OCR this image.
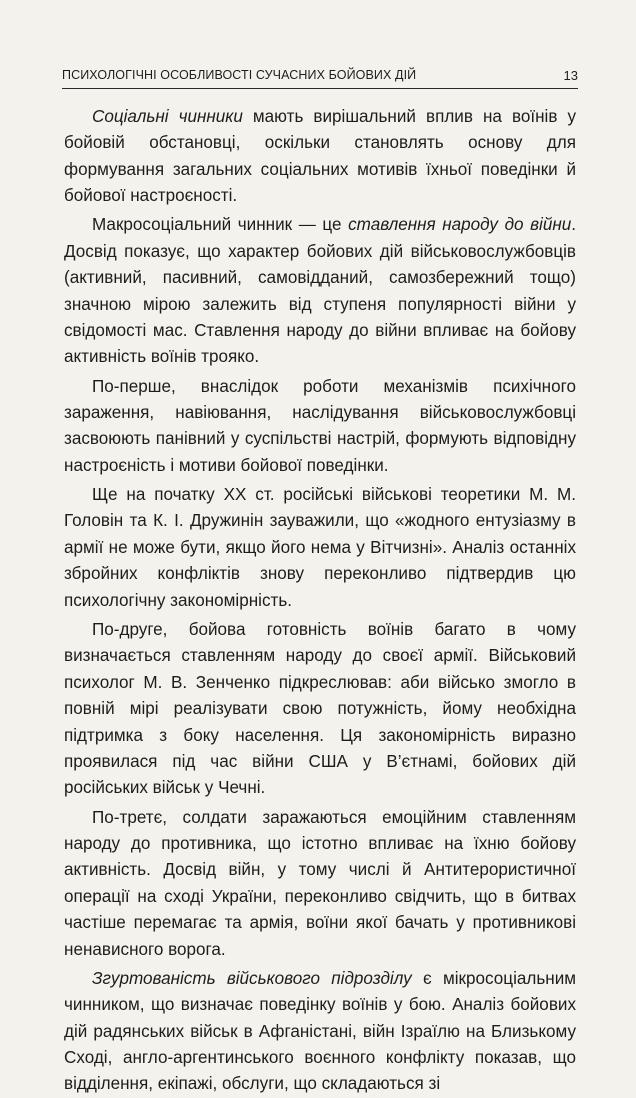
ПСИХОЛОГІЧНІ ОСОБЛИВОСТІ СУЧАСНИХ БОЙОВИХ ДІЙ	13

Соціальні чинники мають вирішальний вплив на воїнів у бойовій обстановці, оскільки становлять основу для формування загальних соціальних мотивів їхньої поведінки й бойової настроєності.

Макросоціальний чинник — це ставлення народу до війни. Досвід показує, що характер бойових дій військовослужбовців (активний, пасивний, самовідданий, самозбережний тощо) значною мірою залежить від ступеня популярності війни у свідомості мас. Ставлення народу до війни впливає на бойову активність воїнів трояко.

По-перше, внаслідок роботи механізмів психічного зараження, навіювання, наслідування військовослужбовці засвоюють панівний у суспільстві настрій, формують відповідну настроєність і мотиви бойової поведінки.

Ще на початку XX ст. російські військові теоретики М. М. Головін та К. І. Дружинін зауважили, що «жодного ентузіазму в армії не може бути, якщо його нема у Вітчизні». Аналіз останніх збройних конфліктів знову переконливо підтвердив цю психологічну закономірність.

По-друге, бойова готовність воїнів багато в чому визначається ставленням народу до своєї армії. Військовий психолог М. В. Зенченко підкреслював: аби військо змогло в повній мірі реалізувати свою потужність, йому необхідна підтримка з боку населення. Ця закономірність виразно проявилася під час війни США у В’єтнамі, бойових дій російських військ у Чечні.

По-третє, солдати заражаються емоційним ставленням народу до противника, що істотно впливає на їхню бойову активність. Досвід війн, у тому числі й Антитерористичної операції на сході України, переконливо свідчить, що в битвах частіше перемагає та армія, воїни якої бачать у противникові ненависного ворога.

Згуртованість військового підрозділу є мікросоціальним чинником, що визначає поведінку воїнів у бою. Аналіз бойових дій радянських військ в Афганістані, війн Ізраїлю на Близькому Сході, англо-аргентинського воєнного конфлікту показав, що відділення, екіпажі, обслуги, що складаються зі
